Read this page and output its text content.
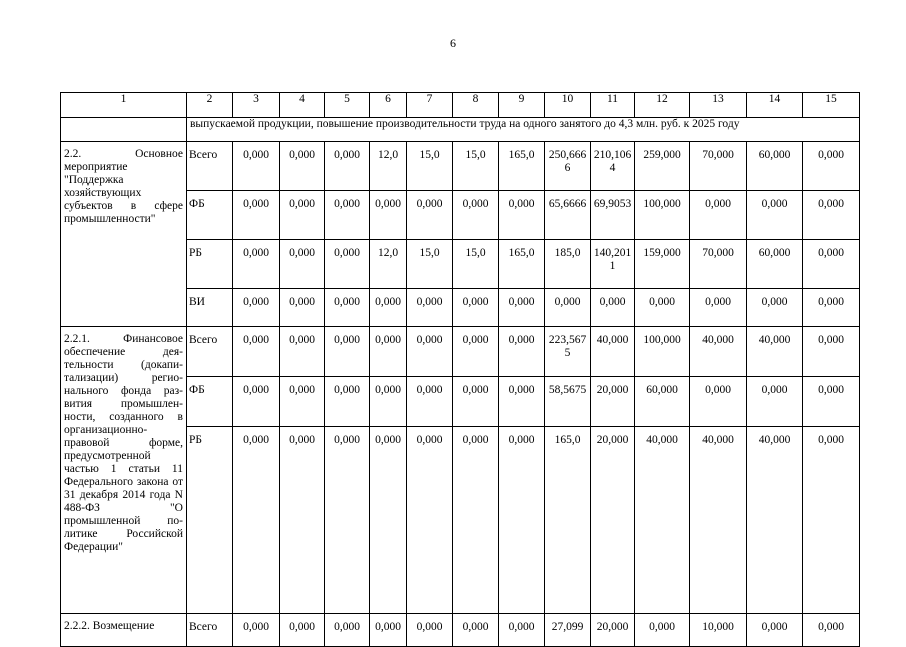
6
1	2	3	4	5	6	7	8	9	10	11	12	13	14	15
	выпускаемой продукции, повышение производительности труда на одного занятого до 4,3 млн. руб. к 2025 году													
2.2. Основное мероприятие "Поддержка хозяйствующих субъектов в сфере промышленности"	Всего	0,000	0,000	0,000	12,0	15,0	15,0	165,0	250,6666	210,1064	259,000	70,000	60,000	0,000
	ФБ	0,000	0,000	0,000	0,000	0,000	0,000	0,000	65,6666	69,9053	100,000	0,000	0,000	0,000
	РБ	0,000	0,000	0,000	12,0	15,0	15,0	165,0	185,0	140,2011	159,000	70,000	60,000	0,000
	ВИ	0,000	0,000	0,000	0,000	0,000	0,000	0,000	0,000	0,000	0,000	0,000	0,000	0,000
2.2.1. Финансовое обеспечение дея-тельности (докапи-тализации) регио-нального фонда раз-вития промышлен-ности, созданного в организационно-правовой форме, предусмотренной частью 1 статьи 11 Федерального закона от 31 декабря 2014 года N 488-ФЗ "О промышленной по-литике Российской Федерации"	Всего	0,000	0,000	0,000	0,000	0,000	0,000	0,000	223,5675	40,000	100,000	40,000	40,000	0,000
	ФБ	0,000	0,000	0,000	0,000	0,000	0,000	0,000	58,5675	20,000	60,000	0,000	0,000	0,000
	РБ	0,000	0,000	0,000	0,000	0,000	0,000	0,000	165,0	20,000	40,000	40,000	40,000	0,000
2.2.2. Возмещение	Всего	0,000	0,000	0,000	0,000	0,000	0,000	0,000	27,099	20,000	0,000	10,000	0,000	0,000
